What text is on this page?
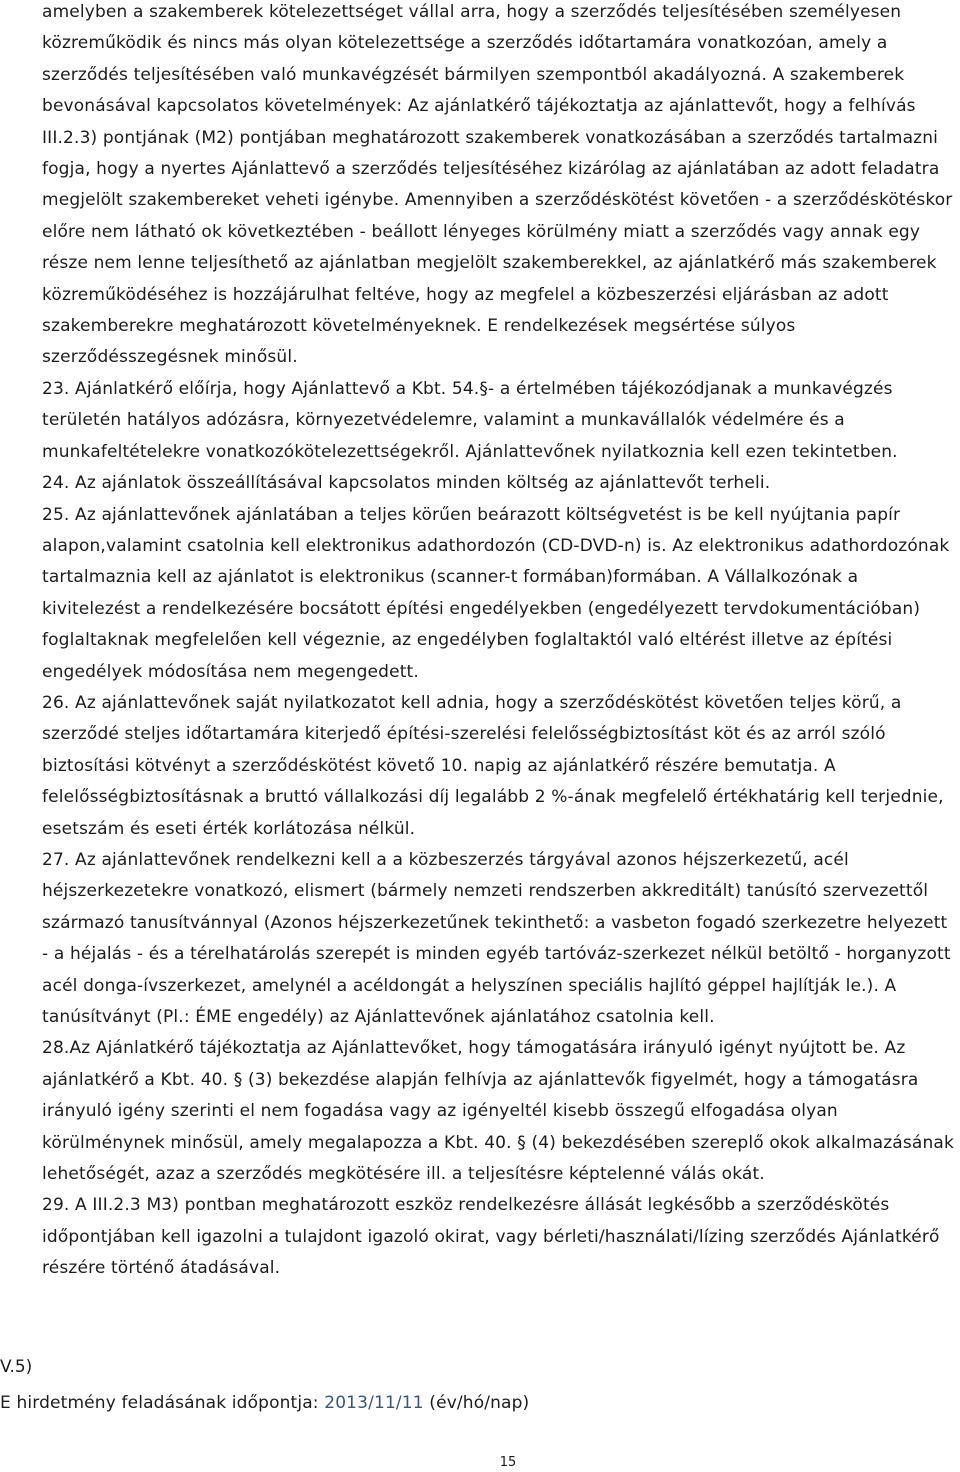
amelyben a szakemberek kötelezettséget vállal arra, hogy a szerződés teljesítésében személyesen közreműködik és nincs más olyan kötelezettsége a szerződés időtartamára vonatkozóan, amely a szerződés teljesítésében való munkavégzését bármilyen szempontból akadályozná. A szakemberek bevonásával kapcsolatos követelmények: Az ajánlatkérő tájékoztatja az ajánlattevőt, hogy a felhívás III.2.3) pontjának (M2) pontjában meghatározott szakemberek vonatkozásában a szerződés tartalmazni fogja, hogy a nyertes Ajánlattevő a szerződés teljesítéséhez kizárólag az ajánlatában az adott feladatra megjelölt szakembereket veheti igénybe. Amennyiben a szerződéskötést követően - a szerződéskötéskor előre nem látható ok következtében - beállott lényeges körülmény miatt a szerződés vagy annak egy része nem lenne teljesíthető az ajánlatban megjelölt szakemberekkel, az ajánlatkérő más szakemberek közreműködéséhez is hozzájárulhat feltéve, hogy az megfelel a közbeszerzési eljárásban az adott szakemberekre meghatározott követelményeknek. E rendelkezések megsértése súlyos szerződésszegésnek minősül.

23. Ajánlatkérő előírja, hogy Ajánlattevő a Kbt. 54.§- a értelmében tájékozódjanak a munkavégzés területén hatályos adózásra, környezetvédelemre, valamint a munkavállalók védelmére és a munkafeltételekre vonatkozókötelezettségekről. Ajánlattevőnek nyilatkoznia kell ezen tekintetben.

24. Az ajánlatok összeállításával kapcsolatos minden költség az ajánlattevőt terheli.

25. Az ajánlattevőnek ajánlatában a teljes körűen beárazott költségvetést is be kell nyújtania papír alapon,valamint csatolnia kell elektronikus adathordozón (CD-DVD-n) is. Az elektronikus adathordozónak tartalmaznia kell az ajánlatot is elektronikus (scanner-t formában)formában. A Vállalkozónak a kivitelezést a rendelkezésére bocsátott építési engedélyekben (engedélyezett tervdokumentációban) foglaltaknak megfelelően kell végeznie, az engedélyben foglaltaktól való eltérést illetve az építési engedélyek módosítása nem megengedett.

26. Az ajánlattevőnek saját nyilatkozatot kell adnia, hogy a szerződéskötést követően teljes körű, a szerződé steljes időtartamára kiterjedő építési-szerelési felelősségbiztosítást köt és az arról szóló biztosítási kötvényt a szerződéskötést követő 10. napig az ajánlatkérő részére bemutatja. A felelősségbiztosításnak a bruttó vállalkozási díj legalább 2 %-ának megfelelő értékhatárig kell terjednie, esetszám és eseti érték korlátozása nélkül.

27. Az ajánlattevőnek rendelkezni kell a a közbeszerzés tárgyával azonos héjszerkezetű, acél héjszerkezetekre vonatkozó, elismert (bármely nemzeti rendszerben akkreditált) tanúsító szervezettől származó tanusítvánnyal (Azonos héjszerkezetűnek tekinthető: a vasbeton fogadó szerkezetre helyezett - a héjalás - és a térelhatárolás szerepét is minden egyéb tartóváz-szerkezet nélkül betöltő - horganyzott acél donga-ívszerkezet, amelynél a acéldongát a helyszínen speciális hajlító géppel hajlítják le.). A tanúsítványt (Pl.: ÉME engedély) az Ajánlattevőnek ajánlatához csatolnia kell.

28.Az Ajánlatkérő tájékoztatja az Ajánlattevőket, hogy támogatására irányuló igényt nyújtott be. Az ajánlatkérő a Kbt. 40. § (3) bekezdése alapján felhívja az ajánlattevők figyelmét, hogy a támogatásra irányuló igény szerinti el nem fogadása vagy az igényeltél kisebb összegű elfogadása olyan körülménynek minősül, amely megalapozza a Kbt. 40. § (4) bekezdésében szereplő okok alkalmazásának lehetőségét, azaz a szerződés megkötésére ill. a teljesítésre képtelenné válás okát.

29. A III.2.3 M3) pontban meghatározott eszköz rendelkezésre állását legkésőbb a szerződéskötés időpontjában kell igazolni a tulajdont igazoló okirat, vagy bérleti/használati/lízing szerződés Ajánlatkérő részére történő átadásával.

V.5)
E hirdetmény feladásának időpontja: 2013/11/11 (év/hó/nap)
15
